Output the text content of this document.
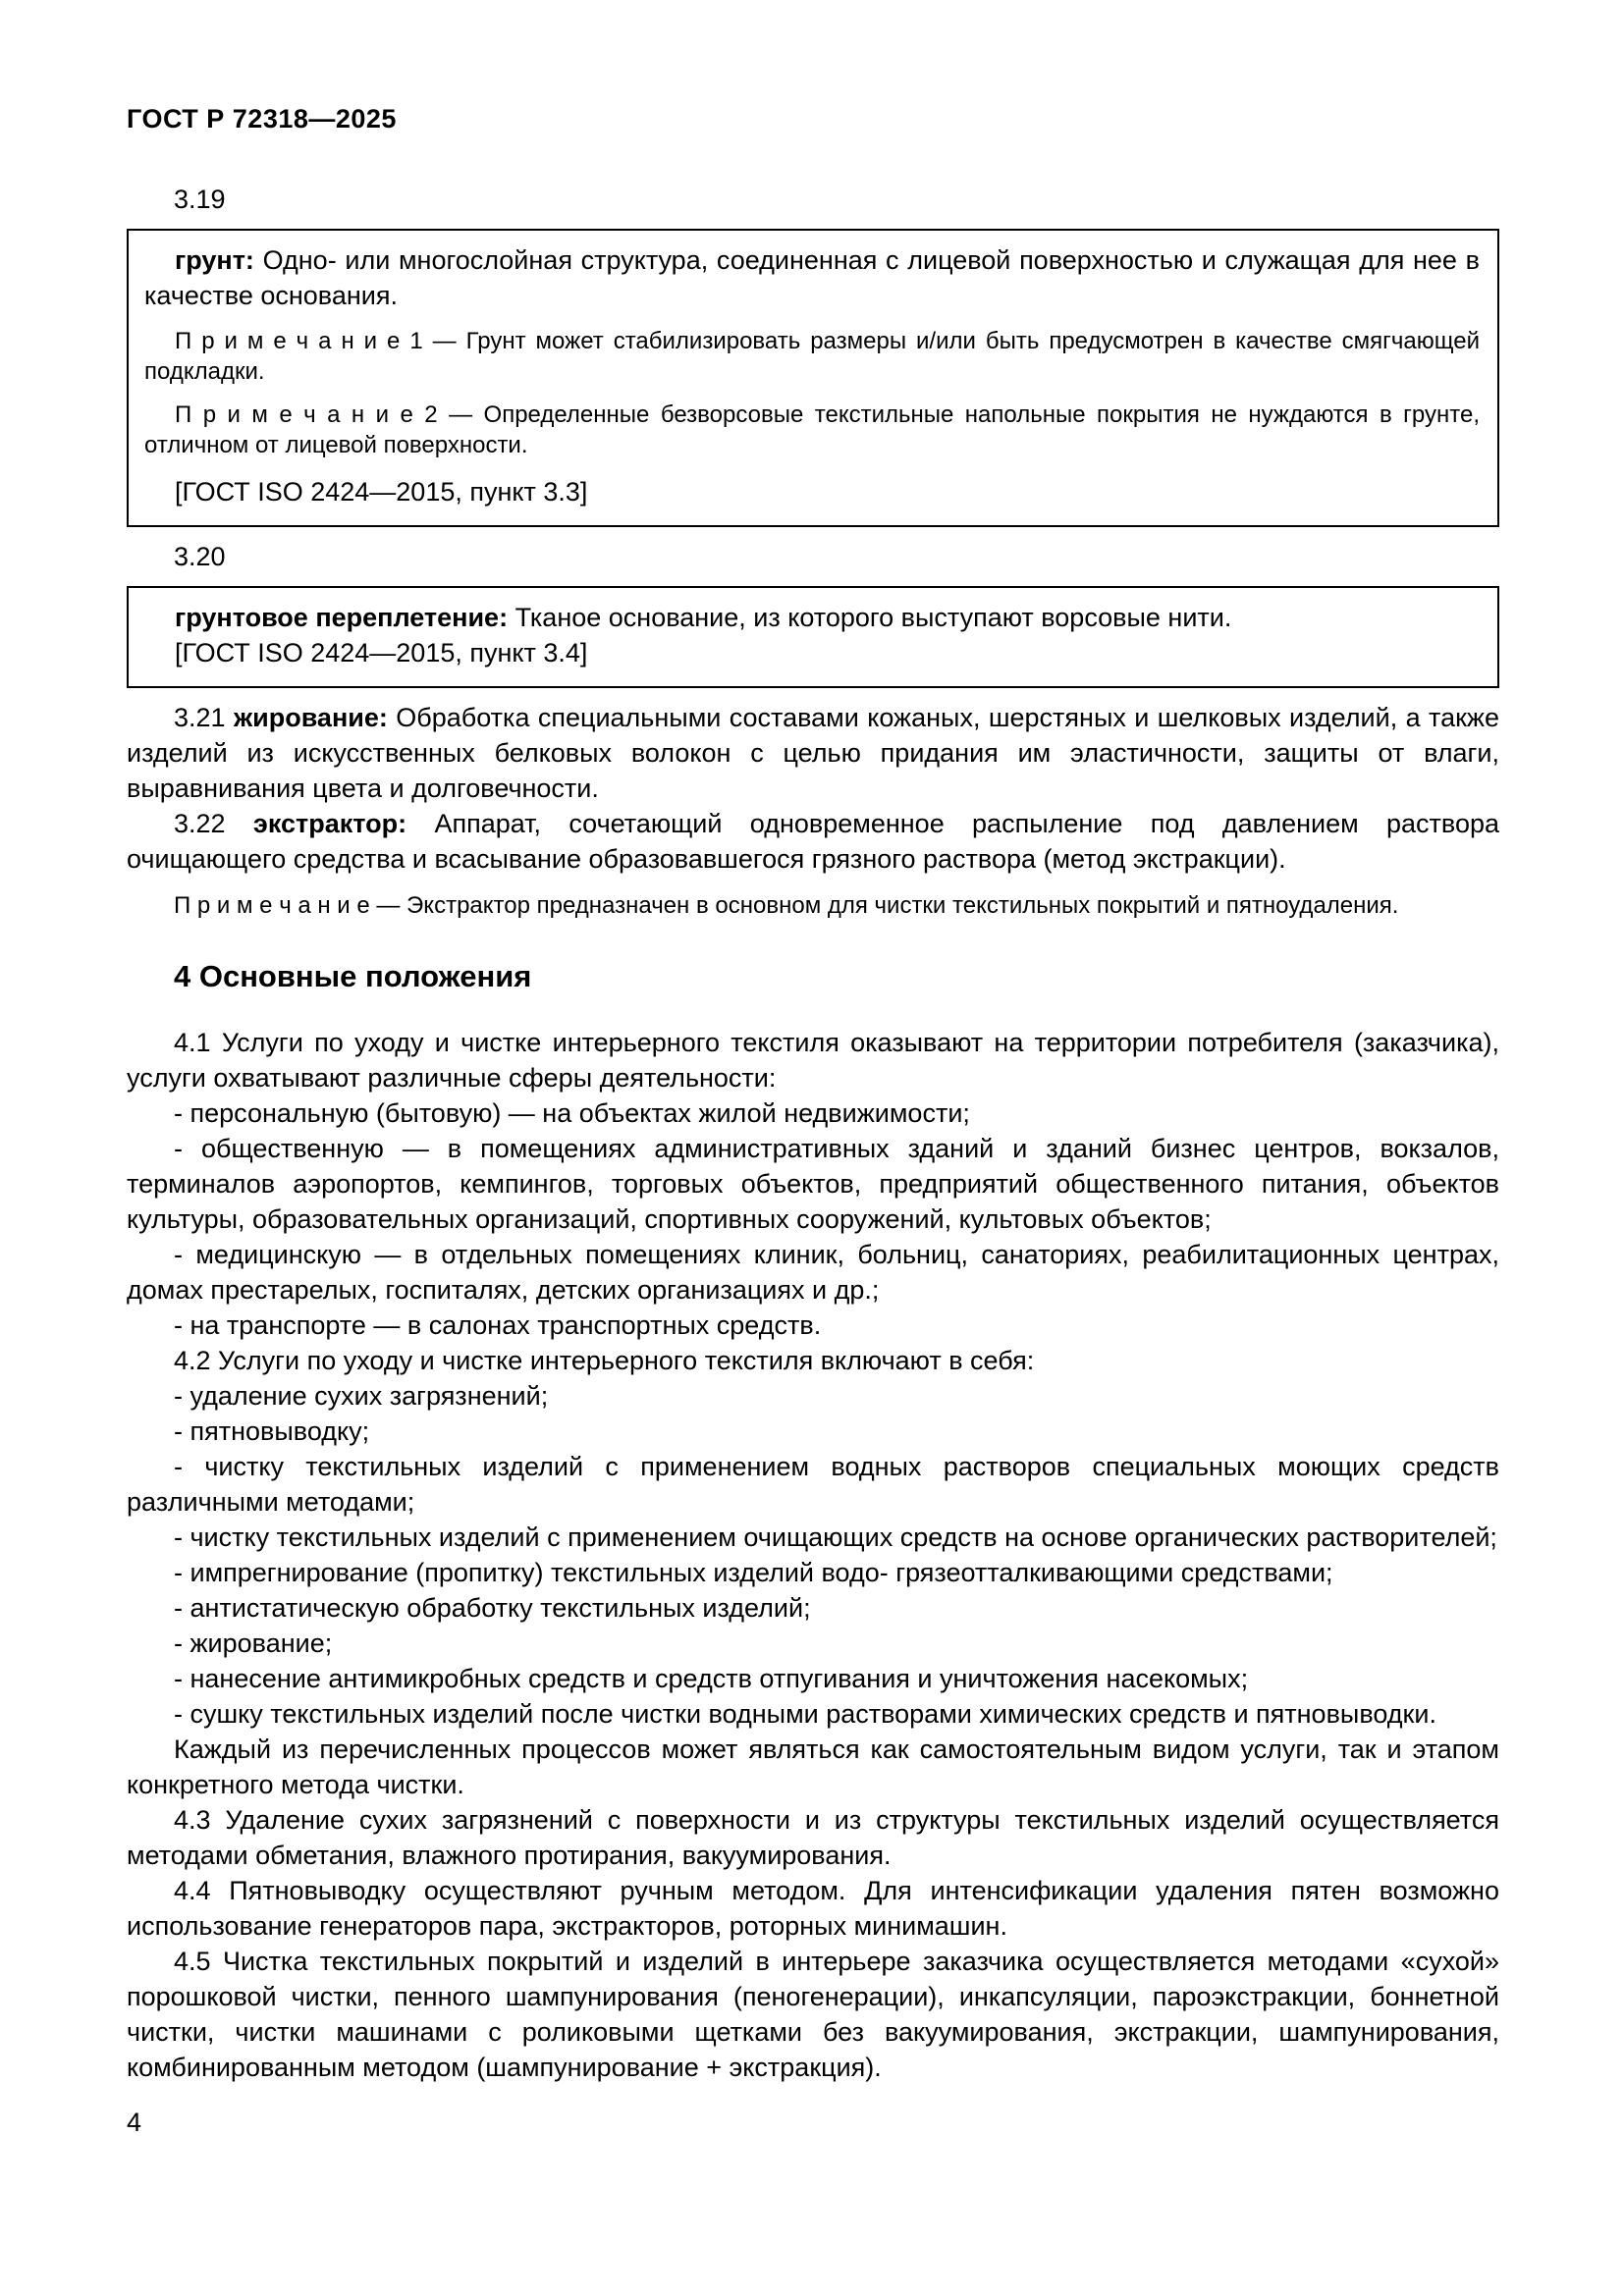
ГОСТ Р 72318—2025

3.19

грунт: Одно- или многослойная структура, соединенная с лицевой поверхностью и служащая для нее в качестве основания.

П р и м е ч а н и е 1 — Грунт может стабилизировать размеры и/или быть предусмотрен в качестве смягчающей подкладки.

П р и м е ч а н и е 2 — Определенные безворсовые текстильные напольные покрытия не нуждаются в грунте, отличном от лицевой поверхности.

[ГОСТ ISO 2424—2015, пункт 3.3]

3.20

грунтовое переплетение: Тканое основание, из которого выступают ворсовые нити.

[ГОСТ ISO 2424—2015, пункт 3.4]

3.21 жирование: Обработка специальными составами кожаных, шерстяных и шелковых изделий, а также изделий из искусственных белковых волокон с целью придания им эластичности, защиты от влаги, выравнивания цвета и долговечности.

3.22 экстрактор: Аппарат, сочетающий одновременное распыление под давлением раствора очищающего средства и всасывание образовавшегося грязного раствора (метод экстракции).

П р и м е ч а н и е — Экстрактор предназначен в основном для чистки текстильных покрытий и пятноудаления.

4 Основные положения

4.1 Услуги по уходу и чистке интерьерного текстиля оказывают на территории потребителя (заказчика), услуги охватывают различные сферы деятельности:

- персональную (бытовую) — на объектах жилой недвижимости;

- общественную — в помещениях административных зданий и зданий бизнес центров, вокзалов, терминалов аэропортов, кемпингов, торговых объектов, предприятий общественного питания, объектов культуры, образовательных организаций, спортивных сооружений, культовых объектов;

- медицинскую — в отдельных помещениях клиник, больниц, санаториях, реабилитационных центрах, домах престарелых, госпиталях, детских организациях и др.;

- на транспорте — в салонах транспортных средств.

4.2 Услуги по уходу и чистке интерьерного текстиля включают в себя:

- удаление сухих загрязнений;

- пятновыводку;

- чистку текстильных изделий с применением водных растворов специальных моющих средств различными методами;

- чистку текстильных изделий с применением очищающих средств на основе органических растворителей;

- импрегнирование (пропитку) текстильных изделий водо- грязеотталкивающими средствами;

- антистатическую обработку текстильных изделий;

- жирование;

- нанесение антимикробных средств и средств отпугивания и уничтожения насекомых;

- сушку текстильных изделий после чистки водными растворами химических средств и пятновыводки.

Каждый из перечисленных процессов может являться как самостоятельным видом услуги, так и этапом конкретного метода чистки.

4.3 Удаление сухих загрязнений с поверхности и из структуры текстильных изделий осуществляется методами обметания, влажного протирания, вакуумирования.

4.4 Пятновыводку осуществляют ручным методом. Для интенсификации удаления пятен возможно использование генераторов пара, экстракторов, роторных минимашин.

4.5 Чистка текстильных покрытий и изделий в интерьере заказчика осуществляется методами «сухой» порошковой чистки, пенного шампунирования (пеногенерации), инкапсуляции, пароэкстракции, боннетной чистки, чистки машинами с роликовыми щетками без вакуумирования, экстракции, шампунирования, комбинированным методом (шампунирование + экстракция).

4
